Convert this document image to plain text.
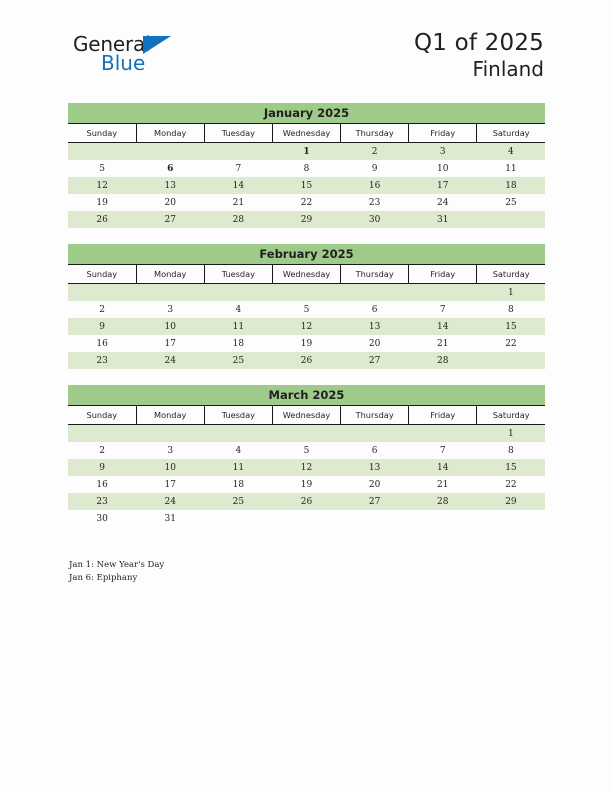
General
Blue
Q1 of 2025
Finland
January 2025
Sunday	Monday	Tuesday	Wednesday	Thursday	Friday	Saturday

			1	2	3	4
5	6	7	8	9	10	11
12	13	14	15	16	17	18
19	20	21	22	23	24	25
26	27	28	29	30	31	
February 2025
Sunday	Monday	Tuesday	Wednesday	Thursday	Friday	Saturday

						1
2	3	4	5	6	7	8
9	10	11	12	13	14	15
16	17	18	19	20	21	22
23	24	25	26	27	28	
March 2025
Sunday	Monday	Tuesday	Wednesday	Thursday	Friday	Saturday

						1
2	3	4	5	6	7	8
9	10	11	12	13	14	15
16	17	18	19	20	21	22
23	24	25	26	27	28	29
30	31					
Jan 1: New Year's Day
Jan 6: Epiphany
